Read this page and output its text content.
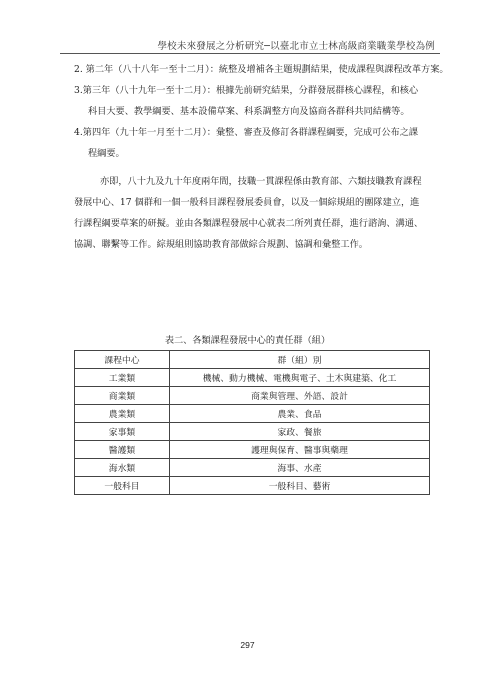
學校未來發展之分析研究─以臺北市立士林高級商業職業學校為例
2. 第二年（八十八年一至十二月）：統整及增補各主題規劃結果，使成課程與課程改革方案。
3.第三年（八十九年一至十二月）：根據先前研究結果，分群發展群核心課程，和核心
科目大要、教學綱要、基本設備草案、科系調整方向及協商各群科共同結構等。
4.第四年（九十年一月至十二月）：彙整、審查及修訂各群課程綱要，完成可公布之課
程綱要。
亦即，八十九及九十年度兩年間，技職一貫課程係由教育部、六類技職教育課程
發展中心、17 個群和一個一般科目課程發展委員會，以及一個綜規組的團隊建立，進
行課程綱要草案的研擬。並由各類課程發展中心就表二所列責任群，進行諮詢、溝通、
協調、聯繫等工作。綜規組則協助教育部做綜合規劃、協調和彙整工作。
表二、各類課程發展中心的責任群（組）
課程中心	群（組）別
工業類	機械、動力機械、電機與電子、土木與建築、化工
商業類	商業與管理、外語、設計
農業類	農業、食品
家事類	家政、餐旅
醫護類	護理與保育、醫事與藥理
海水類	海事、水產
一般科目	一般科目、藝術
297
